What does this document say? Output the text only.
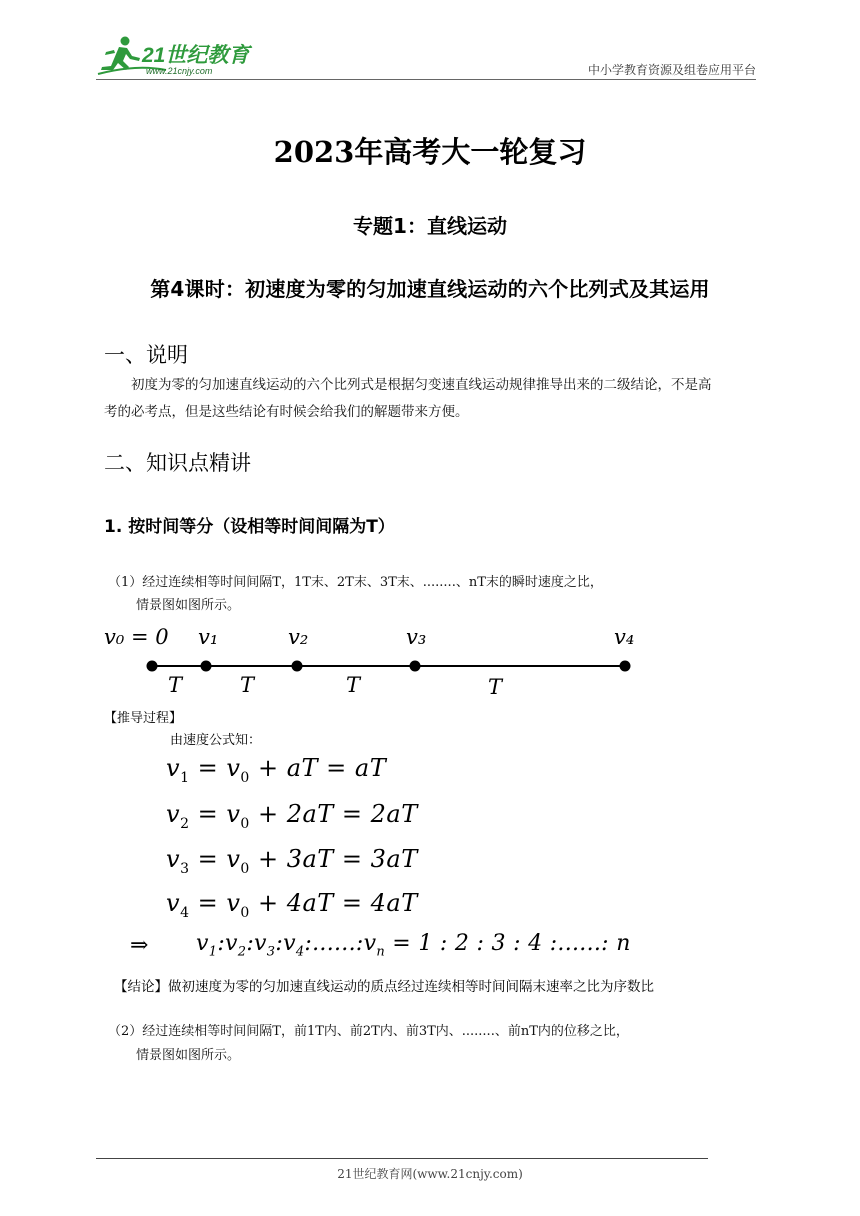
21世纪教育
www.21cnjy.com	中小学教育资源及组卷应用平台
2023年高考大一轮复习
专题1：直线运动
第4课时：初速度为零的匀加速直线运动的六个比列式及其运用
一、说明
初度为零的匀加速直线运动的六个比列式是根据匀变速直线运动规律推导出来的二级结论，不是高考的必考点，但是这些结论有时候会给我们的解题带来方便。
二、知识点精讲
1. 按时间等分（设相等时间间隔为T）
（1）经过连续相等时间间隔T，1T末、2T末、3T末、........、nT末的瞬时速度之比，
情景图如图所示。
v₀ = 0 v₁	v₂	v₃	v₄
T	T	T	T
【推导过程】
由速度公式知：
$v_1 = v_0$ + aT = aT
$v_2 = v_0 + 2aT = 2aT$
$v_3 = v_0 + 3aT = 3aT$
$v_4 = v_0 + 4aT = 4aT$
⇒ $v_1:v_2:v_3:v_4:......:v_n = 1$ : 2 : 3 : 4 :......: n
【结论】做初速度为零的匀加速直线运动的质点经过连续相等时间间隔末速率之比为序数比
（2）经过连续相等时间间隔T，前1T内、前2T内、前3T内、........、前nT内的位移之比，
情景图如图所示。
21世纪教育网(www.21cnjy.com)
